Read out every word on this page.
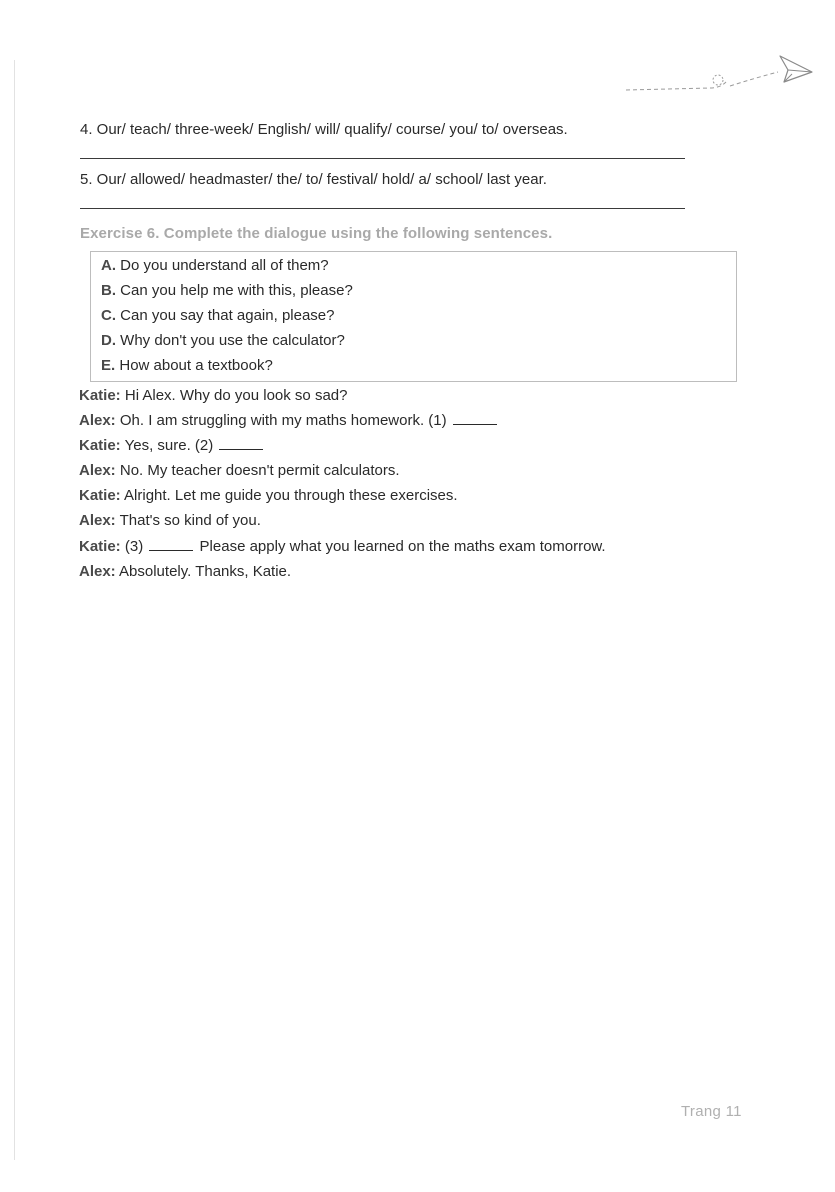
4. Our/ teach/ three-week/ English/ will/ qualify/ course/ you/ to/ overseas.
5. Our/ allowed/ headmaster/ the/ to/ festival/ hold/ a/ school/ last year.
Exercise 6. Complete the dialogue using the following sentences.
A. Do you understand all of them?
B. Can you help me with this, please?
C. Can you say that again, please?
D. Why don't you use the calculator?
E. How about a textbook?
Katie: Hi Alex. Why do you look so sad?
Alex: Oh. I am struggling with my maths homework. (1)
Katie: Yes, sure. (2)
Alex: No. My teacher doesn't permit calculators.
Katie: Alright. Let me guide you through these exercises.
Alex: That's so kind of you.
Katie: (3)	Please apply what you learned on the maths exam tomorrow.
Alex: Absolutely. Thanks, Katie.
Trang 11
